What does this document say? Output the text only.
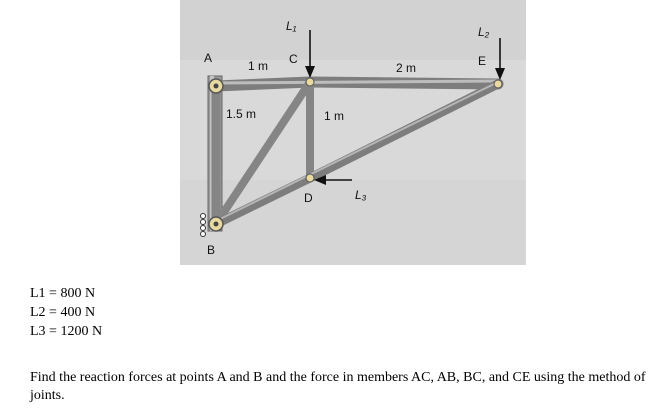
A
B
C
D
E
L₁	L₂
L₃
1 m	2 m
1.5 m	1 m
L1 = 800 N
L2 = 400 N
L3 = 1200 N
Find the reaction forces at points A and B and the force in members AC, AB, BC, and CE using the method of joints.
